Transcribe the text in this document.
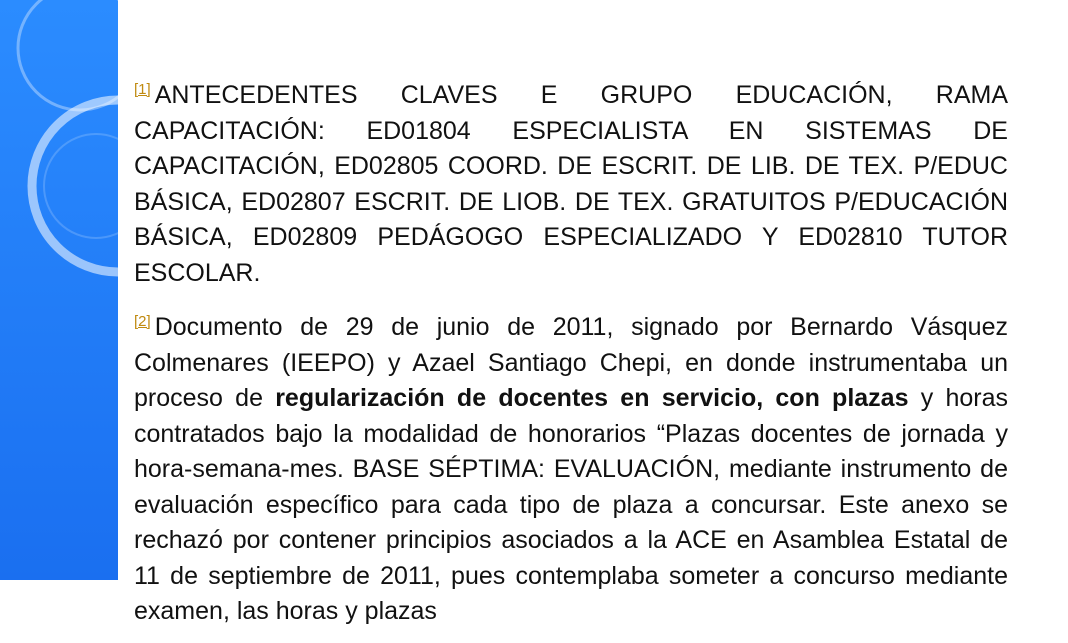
[1] ANTECEDENTES CLAVES E GRUPO EDUCACIÓN, RAMA CAPACITACIÓN: ED01804 ESPECIALISTA EN SISTEMAS DE CAPACITACIÓN, ED02805 COORD. DE ESCRIT. DE LIB. DE TEX. P/EDUC BÁSICA, ED02807 ESCRIT. DE LIOB. DE TEX. GRATUITOS P/EDUCACIÓN BÁSICA, ED02809 PEDÁGOGO ESPECIALIZADO Y ED02810 TUTOR ESCOLAR.

[2] Documento de 29 de junio de 2011, signado por Bernardo Vásquez Colmenares (IEEPO) y Azael Santiago Chepi, en donde instrumentaba un proceso de regularización de docentes en servicio, con plazas y horas contratados bajo la modalidad de honorarios “Plazas docentes de jornada y hora-semana-mes. BASE SÉPTIMA: EVALUACIÓN, mediante instrumento de evaluación específico para cada tipo de plaza a concursar. Este anexo se rechazó por contener principios asociados a la ACE en Asamblea Estatal de 11 de septiembre de 2011, pues contemplaba someter a concurso mediante examen, las horas y plazas
